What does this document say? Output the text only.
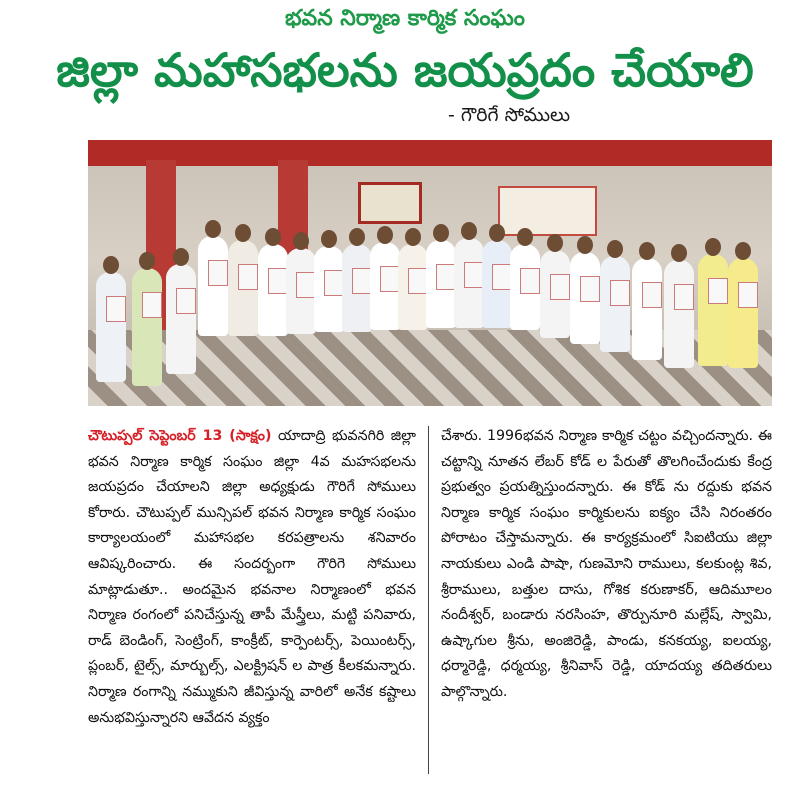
భవన నిర్మాణ కార్మిక సంఘం
జిల్లా మహాసభలను జయప్రదం చేయాలి
- గౌరిగే సోములు
చౌటుప్పల్ సెప్టెంబర్ 13 (సాక్షం) యాదాద్రి భువనగిరి జిల్లా భవన నిర్మాణ కార్మిక సంఘం జిల్లా 4వ మహసభలను జయప్రదం చేయాలని జిల్లా అధ్యక్షుడు గౌరిగే సోములు కోరారు. చౌటుప్పల్ మున్సిపల్ భవన నిర్మాణ కార్మిక సంఘం కార్యాలయంలో మహాసభల కరపత్రాలను శనివారం ఆవిష్కరించారు. ఈ సందర్బంగా గౌరిగె సోములు మాట్లాడుతూ.. అందమైన భవనాల నిర్మాణంలో భవన నిర్మాణ రంగంలో పనిచేస్తున్న తాపీ మేస్త్రీలు, మట్టి పనివారు, రాడ్ బెండింగ్, సెంట్రింగ్, కాంక్రీట్, కార్పెంటర్స్, పెయింటర్స్, ప్లంబర్, టైల్స్, మార్బుల్స్, ఎలక్ట్రిషన్ ల పాత్ర కీలకమన్నారు. నిర్మాణ రంగాన్ని నమ్ముకుని జీవిస్తున్న వారిలో అనేక కష్టాలు అనుభవిస్తున్నారని ఆవేదన వ్యక్తం
చేశారు. 1996భవన నిర్మాణ కార్మిక చట్టం వచ్చిందన్నారు. ఈ చట్టాన్ని నూతన లేబర్ కోడ్ ల పేరుతో తొలగించేందుకు కేంద్ర ప్రభుత్వం ప్రయత్నిస్తుందన్నారు. ఈ కోడ్ ను రద్దుకు భవన నిర్మాణ కార్మిక సంఘం కార్మికులను ఐక్యం చేసి నిరంతరం పోరాటం చేస్తామన్నారు. ఈ కార్యక్రమంలో సిఐటియు జిల్లా నాయకులు ఎండి పాషా, గుణమోని రాములు, కలకుంట్ల శివ, శ్రీరాములు, బత్తుల దాసు, గోశిక కరుణాకర్, ఆదిమూలం నందీశ్వర్, బండారు నరసింహ, తొర్పునూరి మల్లేష్, స్వామి, ఉష్కాగుల శ్రీను, అంజిరెడ్డి, పాండు, కనకయ్య, ఐలయ్య, ధర్మారెడ్డి, ధర్మయ్య, శ్రీనివాస్ రెడ్డి, యాదయ్య తదితరులు పాల్గొన్నారు.
